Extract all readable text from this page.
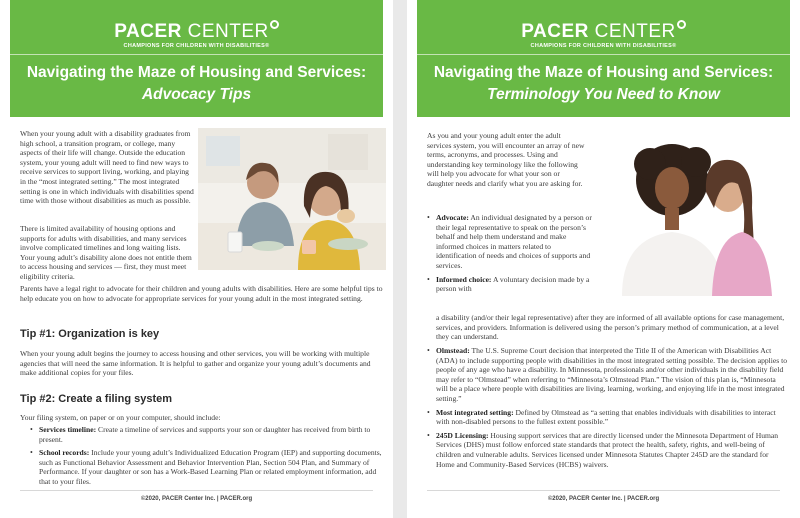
PACER CENTER
CHAMPIONS FOR CHILDREN WITH DISABILITIES®
Navigating the Maze of Housing and Services:
Advocacy Tips

When your young adult with a disability graduates from high school, a transition program, or college, many aspects of their life will change. Outside the education system, your young adult will need to find new ways to receive services to support living, working, and playing in the “most integrated setting.” The most integrated setting is one in which individuals with disabilities spend time with those without disabilities as much as possible.

There is limited availability of housing options and supports for adults with disabilities, and many services involve complicated timelines and long waiting lists. Your young adult’s disability alone does not entitle them to access housing and services — first, they must meet eligibility criteria.

Parents have a legal right to advocate for their children and young adults with disabilities. Here are some helpful tips to help educate you on how to advocate for appropriate services for your young adult in the most integrated setting.

Tip #1: Organization is key

When your young adult begins the journey to access housing and other services, you will be working with multiple agencies that will need the same information. It is helpful to gather and organize your young adult’s documents and make additional copies for your files.

Tip #2: Create a filing system

Your filing system, on paper or on your computer, should include:

• Services timeline: Create a timeline of services and supports your son or daughter has received from birth to present.
• School records: Include your young adult’s Individualized Education Program (IEP) and supporting documents, such as Functional Behavior Assessment and Behavior Intervention Plan, Section 504 Plan, and Summary of Performance. If your daughter or son has a Work-Based Learning Plan or related employment information, add that to your files.
©2020, PACER Center Inc. | PACER.org
PACER CENTER
CHAMPIONS FOR CHILDREN WITH DISABILITIES®
Navigating the Maze of Housing and Services:
Terminology You Need to Know

As you and your young adult enter the adult services system, you will encounter an array of new terms, acronyms, and processes. Using and understanding key terminology like the following will help you advocate for what your son or daughter needs and clarify what you are asking for.

• Advocate: An individual designated by a person or their legal representative to speak on the person’s behalf and help them understand and make informed choices in matters related to identification of needs and choices of supports and services.
• Informed choice: A voluntary decision made by a person with

a disability (and/or their legal representative) after they are informed of all available options for case management, services, and providers. Information is delivered using the person’s primary method of communication, at a level they can understand.

• Olmstead: The U.S. Supreme Court decision that interpreted the Title II of the American with Disabilities Act (ADA) to include supporting people with disabilities in the most integrated setting possible. The decision applies to people of any age who have a disability. In Minnesota, professionals and/or other individuals in the disability field may refer to “Olmstead” when referring to “Minnesota’s Olmstead Plan.” The vision of this plan is, “Minnesota will be a place where people with disabilities are living, learning, working, and enjoying life in the most integrated setting.”
• Most integrated setting: Defined by Olmstead as “a setting that enables individuals with disabilities to interact with non-disabled persons to the fullest extent possible.”
• 245D Licensing: Housing support services that are directly licensed under the Minnesota Department of Human Services (DHS) must follow enforced state standards that protect the health, safety, rights, and well-being of children and vulnerable adults. Services licensed under Minnesota Statutes Chapter 245D are the standard for Home and Community-Based Services (HCBS) waivers.
©2020, PACER Center Inc. | PACER.org
